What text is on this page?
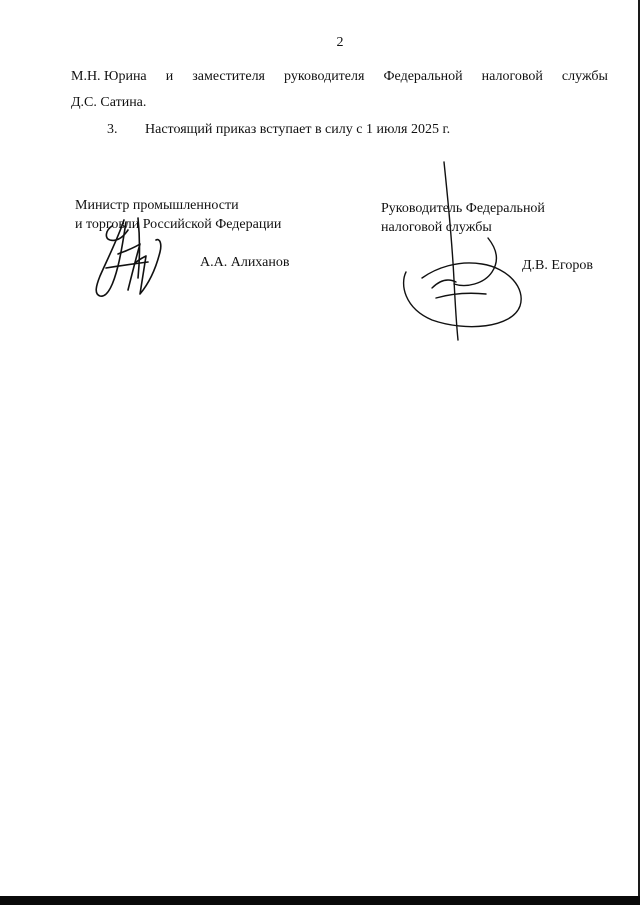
2
М.Н. Юрина и заместителя руководителя Федеральной налоговой службы
Д.С. Сатина.
3. Настоящий приказ вступает в силу с 1 июля 2025 г.
Министр промышленности
и торговли Российской Федерации
А.А. Алиханов
Руководитель Федеральной
налоговой службы
Д.В. Егоров
